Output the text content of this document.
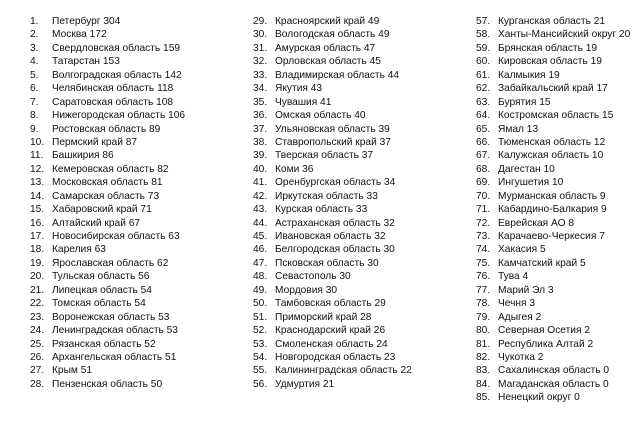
1. Петербург 304
2. Москва 172
3. Свердловская область 159
4. Татарстан 153
5. Волгоградская область 142
6. Челябинская область 118
7. Саратовская область 108
8. Нижегородская область 106
9. Ростовская область 89
10. Пермский край 87
11. Башкирия 86
12. Кемеровская область 82
13. Московская область 81
14. Самарская область 73
15. Хабаровский край 71
16. Алтайский край 67
17. Новосибирская область 63
18. Карелия 63
19. Ярославская область 62
20. Тульская область 56
21. Липецкая область 54
22. Томская область 54
23. Воронежская область 53
24. Ленинградская область 53
25. Рязанская область 52
26. Архангельская область 51
27. Крым 51
28. Пензенская область 50
29. Красноярский край 49
30. Вологодская область 49
31. Амурская область 47
32. Орловская область 45
33. Владимирская область 44
34. Якутия 43
35. Чувашия 41
36. Омская область 40
37. Ульяновская область 39
38. Ставропольский край 37
39. Тверская область 37
40. Коми 36
41. Оренбургская область 34
42. Иркутская область 33
43. Курская область 33
44. Астраханская область 32
45. Ивановская область 32
46. Белгородская область 30
47. Псковская область 30
48. Севастополь 30
49. Мордовия 30
50. Тамбовская область 29
51. Приморский край 28
52. Краснодарский край 26
53. Смоленская область 24
54. Новгородская область 23
55. Калининградская область 22
56. Удмуртия 21
57. Курганская область 21
58. Ханты-Мансийский округ 20
59. Брянская область 19
60. Кировская область 19
61. Калмыкия 19
62. Забайкальский край 17
63. Бурятия 15
64. Костромская область 15
65. Ямал 13
66. Тюменская область 12
67. Калужская область 10
68. Дагестан 10
69. Ингушетия 10
70. Мурманская область 9
71. Кабардино-Балкария 9
72. Еврейская АО 8
73. Карачаево-Черкесия 7
74. Хакасия 5
75. Камчатский край 5
76. Тува 4
77. Марий Эл 3
78. Чечня 3
79. Адыгея 2
80. Северная Осетия 2
81. Республика Алтай 2
82. Чукотка 2
83. Сахалинская область 0
84. Магаданская область 0
85. Ненецкий округ 0
